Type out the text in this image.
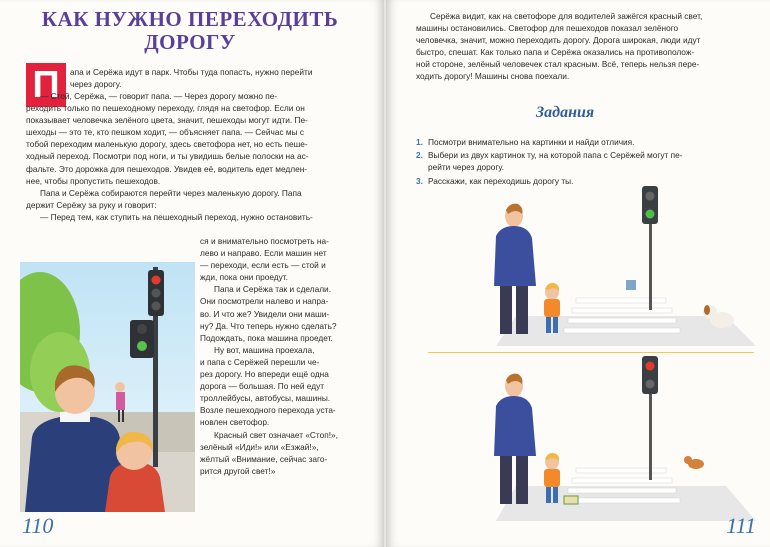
КАК НУЖНО ПЕРЕХОДИТЬ ДОРОГУ
П	апа и Серёжа идут в парк. Чтобы туда попасть, нужно перейти

через дорогу.

— Стой, Серёжа, — говорит папа. — Через дорогу можно пе-

реходить только по пешеходному переходу, глядя на светофор. Если он

показывает человечка зелёного цвета, значит, пешеходы могут идти. Пе-

шеходы — это те, кто пешком ходит, — объясняет папа. — Сейчас мы с

тобой переходим маленькую дорогу, здесь светофора нет, но есть пеше-

ходный переход. Посмотри под ноги, и ты увидишь белые полоски на ас-

фальте. Это дорожка для пешеходов. Увидев её, водитель едет медлен-

нее, чтобы пропустить пешеходов.

Папа и Серёжа собираются перейти через маленькую дорогу. Папа

держит Серёжу за руку и говорит:

— Перед тем, как ступить на пешеходный переход, нужно остановить-

ся и внимательно посмотреть на-

лево и направо. Если машин нет

— переходи, если есть — стой и

жди, пока они проедут.

Папа и Серёжа так и сделали.

Они посмотрели налево и напра-

во. И что же? Увидели они маши-

ну? Да. Что теперь нужно сделать?

Подождать, пока машина проедет.

Ну вот, машина проехала,

и папа с Серёжей перешли че-

рез дорогу. Но впереди ещё одна

дорога — большая. По ней едут

троллейбусы, автобусы, машины.

Возле пешеходного перехода уста-

новлен светофор.

Красный свет означает «Стоп!»,

зелёный «Иди!» или «Езжай!»,

жёлтый «Внимание, сейчас заго-

рится другой свет!»

110

Серёжа видит, как на светофоре для водителей зажёгся красный свет,

машины остановились. Светофор для пешеходов показал зелёного

человечка, значит, можно переходить дорогу. Дорога широкая, люди идут

быстро, спешат. Как только папа и Серёжа оказались на противополож-

ной стороне, зелёный человечек стал красным. Всё, теперь нельзя пере-

ходить дорогу! Машины снова поехали.

Задания
1. Посмотри внимательно на картинки и найди отличия.
2. Выбери из двух картинок ту, на которой папа с Серёжей могут пе-
рейти через дорогу.
3. Расскажи, как переходишь дорогу ты.
111
